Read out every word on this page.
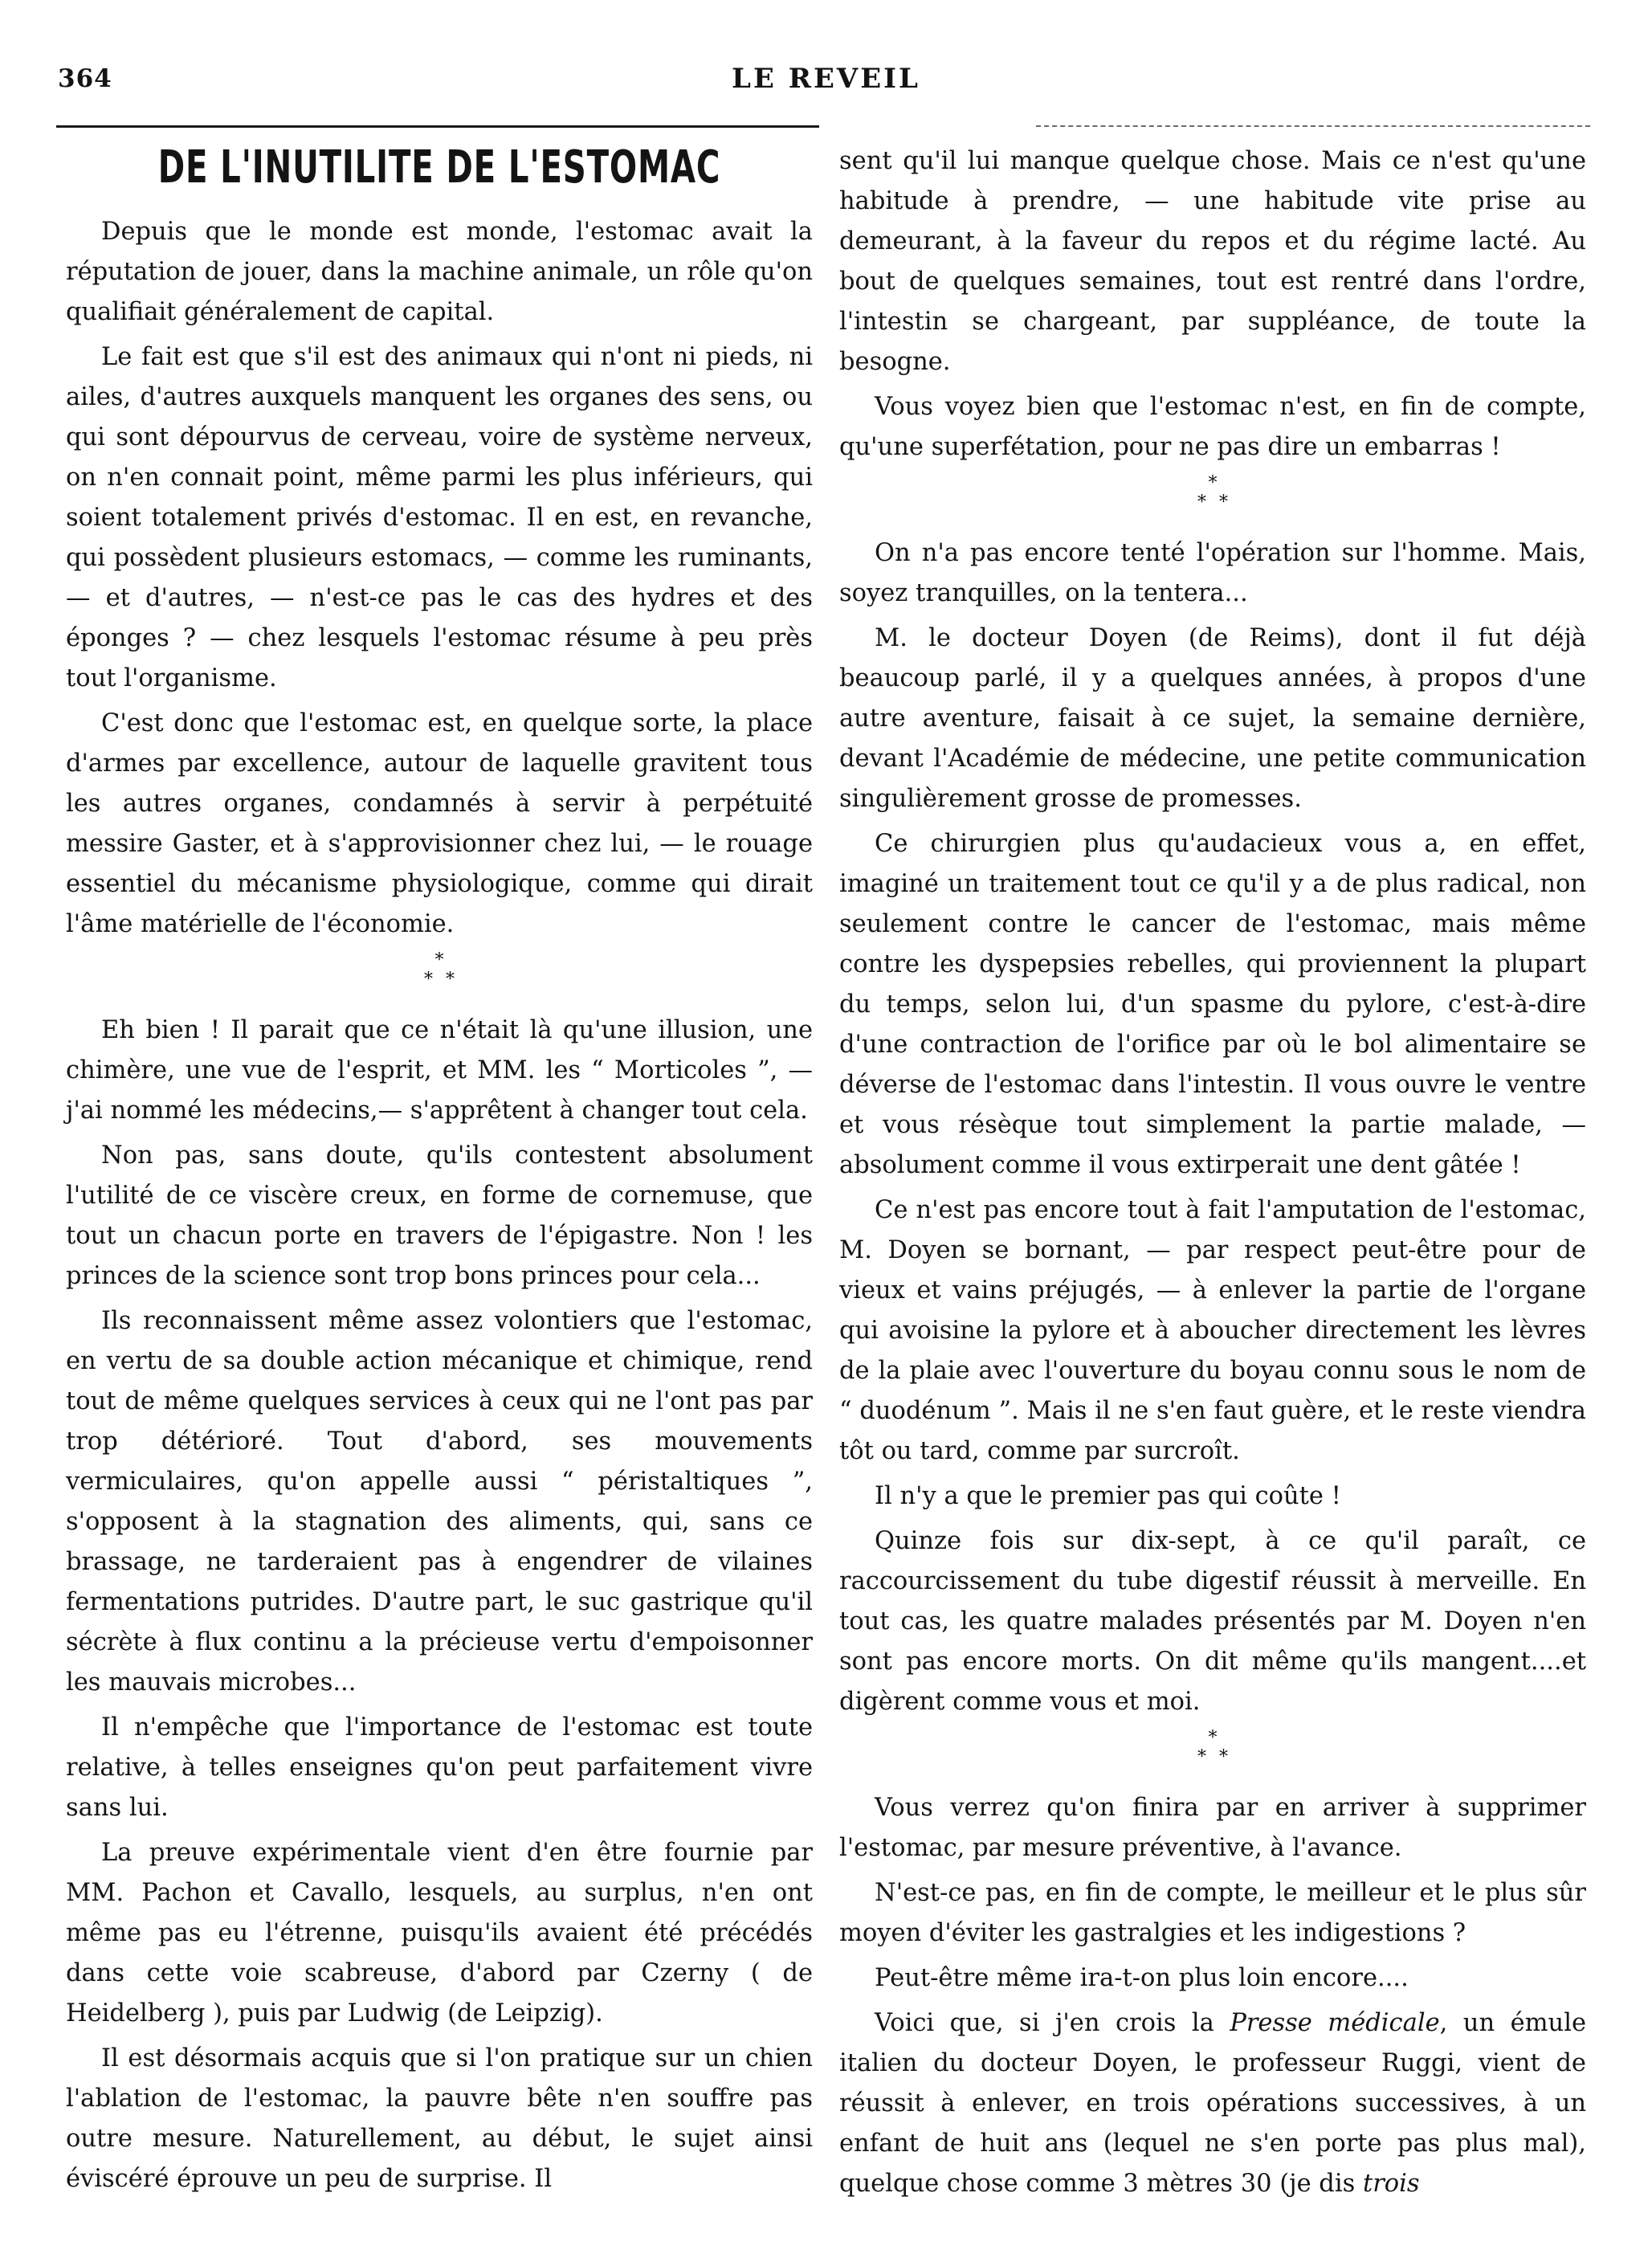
364	LE REVEIL
DE L'INUTILITE DE L'ESTOMAC

Depuis que le monde est monde, l'estomac avait la réputation de jouer, dans la machine animale, un rôle qu'on qualifiait généralement de capital.

Le fait est que s'il est des animaux qui n'ont ni pieds, ni ailes, d'autres auxquels manquent les organes des sens, ou qui sont dépourvus de cerveau, voire de système nerveux, on n'en connait point, même parmi les plus inférieurs, qui soient totalement privés d'estomac. Il en est, en revanche, qui possèdent plusieurs estomacs, — comme les ruminants, — et d'autres, — n'est-ce pas le cas des hydres et des éponges ? — chez lesquels l'estomac résume à peu près tout l'organisme.

C'est donc que l'estomac est, en quelque sorte, la place d'armes par excellence, autour de laquelle gravitent tous les autres organes, condamnés à servir à perpétuité messire Gaster, et à s'approvisionner chez lui, — le rouage essentiel du mécanisme physiologique, comme qui dirait l'âme matérielle de l'économie.

*
**

Eh bien ! Il parait que ce n'était là qu'une illusion, une chimère, une vue de l'esprit, et MM. les “ Morticoles ”, — j'ai nommé les médecins,— s'apprêtent à changer tout cela.

Non pas, sans doute, qu'ils contestent absolument l'utilité de ce viscère creux, en forme de cornemuse, que tout un chacun porte en travers de l'épigastre. Non ! les princes de la science sont trop bons princes pour cela...

Ils reconnaissent même assez volontiers que l'estomac, en vertu de sa double action mécanique et chimique, rend tout de même quelques services à ceux qui ne l'ont pas par trop détérioré. Tout d'abord, ses mouvements vermiculaires, qu'on appelle aussi “ péristaltiques ”, s'opposent à la stagnation des aliments, qui, sans ce brassage, ne tarderaient pas à engendrer de vilaines fermentations putrides. D'autre part, le suc gastrique qu'il sécrète à flux continu a la précieuse vertu d'empoisonner les mauvais microbes...

Il n'empêche que l'importance de l'estomac est toute relative, à telles enseignes qu'on peut parfaitement vivre sans lui.

La preuve expérimentale vient d'en être fournie par MM. Pachon et Cavallo, lesquels, au surplus, n'en ont même pas eu l'étrenne, puisqu'ils avaient été précédés dans cette voie scabreuse, d'abord par Czerny ( de Heidelberg ), puis par Ludwig (de Leipzig).

Il est désormais acquis que si l'on pratique sur un chien l'ablation de l'estomac, la pauvre bête n'en souffre pas outre mesure. Naturellement, au début, le sujet ainsi éviscéré éprouve un peu de surprise. Il

sent qu'il lui manque quelque chose. Mais ce n'est qu'une habitude à prendre, — une habitude vite prise au demeurant, à la faveur du repos et du régime lacté. Au bout de quelques semaines, tout est rentré dans l'ordre, l'intestin se chargeant, par suppléance, de toute la besogne.

Vous voyez bien que l'estomac n'est, en fin de compte, qu'une superfétation, pour ne pas dire un embarras !

*
**

On n'a pas encore tenté l'opération sur l'homme. Mais, soyez tranquilles, on la tentera...

M. le docteur Doyen (de Reims), dont il fut déjà beaucoup parlé, il y a quelques années, à propos d'une autre aventure, faisait à ce sujet, la semaine dernière, devant l'Académie de médecine, une petite communication singulièrement grosse de promesses.

Ce chirurgien plus qu'audacieux vous a, en effet, imaginé un traitement tout ce qu'il y a de plus radical, non seulement contre le cancer de l'estomac, mais même contre les dyspepsies rebelles, qui proviennent la plupart du temps, selon lui, d'un spasme du pylore, c'est-à-dire d'une contraction de l'orifice par où le bol alimentaire se déverse de l'estomac dans l'intestin. Il vous ouvre le ventre et vous résèque tout simplement la partie malade, — absolument comme il vous extirperait une dent gâtée !

Ce n'est pas encore tout à fait l'amputation de l'estomac, M. Doyen se bornant, — par respect peut-être pour de vieux et vains préjugés, — à enlever la partie de l'organe qui avoisine la pylore et à aboucher directement les lèvres de la plaie avec l'ouverture du boyau connu sous le nom de “ duodénum ”. Mais il ne s'en faut guère, et le reste viendra tôt ou tard, comme par surcroît.

Il n'y a que le premier pas qui coûte !

Quinze fois sur dix-sept, à ce qu'il paraît, ce raccourcissement du tube digestif réussit à merveille. En tout cas, les quatre malades présentés par M. Doyen n'en sont pas encore morts. On dit même qu'ils mangent....et digèrent comme vous et moi.

*
**

Vous verrez qu'on finira par en arriver à supprimer l'estomac, par mesure préventive, à l'avance.

N'est-ce pas, en fin de compte, le meilleur et le plus sûr moyen d'éviter les gastralgies et les indigestions ?

Peut-être même ira-t-on plus loin encore....

Voici que, si j'en crois la Presse médicale, un émule italien du docteur Doyen, le professeur Ruggi, vient de réussit à enlever, en trois opérations successives, à un enfant de huit ans (lequel ne s'en porte pas plus mal), quelque chose comme 3 mètres 30 (je dis trois
